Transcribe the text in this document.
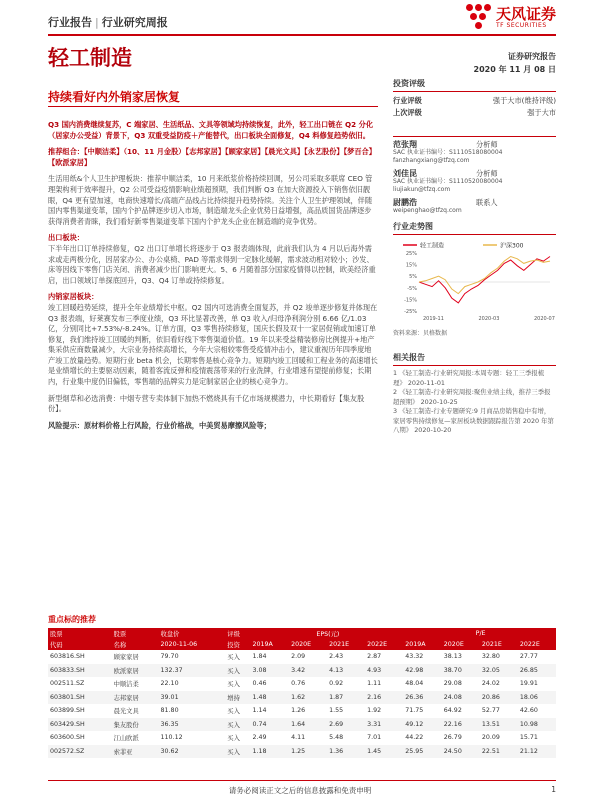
行业报告 | 行业研究周报	天风证券
TF SECURITIES
轻工制造	证券研究报告
2020 年 11 月 08 日
持续看好内外销家居恢复

Q3 国内消费继续复苏，C 端家居、生活纸品、文具等领域均持续恢复，此外，轻工出口链在 Q2 分化（居家办公受益）背景下，Q3 双重受益防疫＋产能替代，出口板块全面修复，Q4 料修复趋势依旧。

推荐组合：【中顺洁柔】（10、11 月金股）【志邦家居】【顾家家居】【晨光文具】【永艺股份】【梦百合】【欧派家居】

生活用纸&个人卫生护理板块：推荐中顺洁柔，10 月来纸浆价格持续回调，另公司采取多联席 CEO 管理架构利于效率提升，Q2 公司受益疫情影响业绩超预期，我们判断 Q3 在加大资源投入下销售依旧靓眼，Q4 更有望加速，电商快速增长/高端产品线占比持续提升趋势持续。关注个人卫生护理领域，伴随国内零售渠道变革，国内个护品牌逐步切入市场，制造端龙头企业优势日益增强，高品质国货品牌逐步获得消费者青睐，我们看好新零售渠道变革下国内个护龙头企业在制造端的竞争优势。

出口板块：

下半年出口订单持续修复，Q2 出口订单增长将逐步于 Q3 报表端体现，此前我们认为 4 月以后海外需求或走两极分化，因居家办公、办公桌椅、PAD 等需求得到一定脉化缓解，需求波动相对较小；沙发、床等因线下零售门店关闭、消费者减少出门影响更大。5、6 月随着部分国家疫情得以控制，欧美经济重启，出口领域订单探底回升，Q3、Q4 订单或持续修复。

内销家居板块：

竣工回暖趋势延续，提升全年业绩增长中枢。Q2 国内可选消费全面复苏，并 Q2 竣单逐步修复并体现在 Q3 报表端，好莱赛发布三季度业绩，Q3 环比显著改善，单 Q3 收入/归母净利润分别 6.66 亿/1.03 亿，分别同比+7.53%/-8.24%。订单方面，Q3 零售持续修复，国庆长假及双十一家居促销或加速订单修复，我们维持竣工回暖的判断，依旧看好线下零售渠道价值。19 年以来受益精装修房比例提升+地产集采供应商数量减少，大宗业务持续高增长，今年大宗相较零售受疫情冲击小，建议重视历年四季度地产竣工放量趋势。短期行业 beta 机会，长期零售是核心竞争力。短期内竣工回暖和工程业务的高速增长是业绩增长的主要驱动因素，随着客流反弹和疫情震荡带来的行业洗牌，行业增速有望提前修复；长期内，行业集中度仍旧偏低，零售端的品牌实力是定制家居企业的核心竞争力。

新型烟草和必选消费：中烟专营专卖体制下加热不燃烧具有千亿市场规模潜力，中长期看好【集友股份】。

风险提示：原材料价格上行风险，行业价格战，中美贸易摩擦风险等；

投资评级
行业评级	强于大市(维持评级)
上次评级	强于大市
作者
范张翔	分析师
SAC 执业证书编号：S1110518080004
fanzhangxiang@tfzq.com
刘佳昆	分析师
SAC 执业证书编号：S1110520080004
liujiakun@tfzq.com
尉鹏浩	联系人
weipenghao@tfzq.com
行业走势图
轻工制造	沪深300
25%
15%
5%
-5%
-15%
-25%
2019-11	2020-03	2020-07
资料来源：贝格数据
相关报告
1 《轻工制造-行业研究周报:本周专题：轻工三季报梳理》 2020-11-01
2 《轻工制造-行业研究周报:聚焦业绩主线，推荐三季报超预期》 2020-10-25
3 《轻工制造-行业专题研究:9 月商品房销售稳中有增，家居零售持续修复—家居板块数据跟踪报告第 2020 年第八期》 2020-10-20
重点标的推荐
股票	股票	收盘价	评级	EPS(元)				P/E			
代码	名称	2020-11-06	投资	2019A	2020E	2021E	2022E	2019A	2020E	2021E	2022E
603816.SH	顾家家居	79.70	买入	1.84	2.09	2.43	2.87	43.32	38.13	32.80	27.77
603833.SH	欧派家居	132.37	买入	3.08	3.42	4.13	4.93	42.98	38.70	32.05	26.85
002511.SZ	中顺洁柔	22.10	买入	0.46	0.76	0.92	1.11	48.04	29.08	24.02	19.91
603801.SH	志邦家居	39.01	增持	1.48	1.62	1.87	2.16	26.36	24.08	20.86	18.06
603899.SH	晨光文具	81.80	买入	1.14	1.26	1.55	1.92	71.75	64.92	52.77	42.60
603429.SH	集友股份	36.35	买入	0.74	1.64	2.69	3.31	49.12	22.16	13.51	10.98
603600.SH	江山欧派	110.12	买入	2.49	4.11	5.48	7.01	44.22	26.79	20.09	15.71
002572.SZ	索菲亚	30.62	买入	1.18	1.25	1.36	1.45	25.95	24.50	22.51	21.12
请务必阅读正文之后的信息披露和免责申明	1
